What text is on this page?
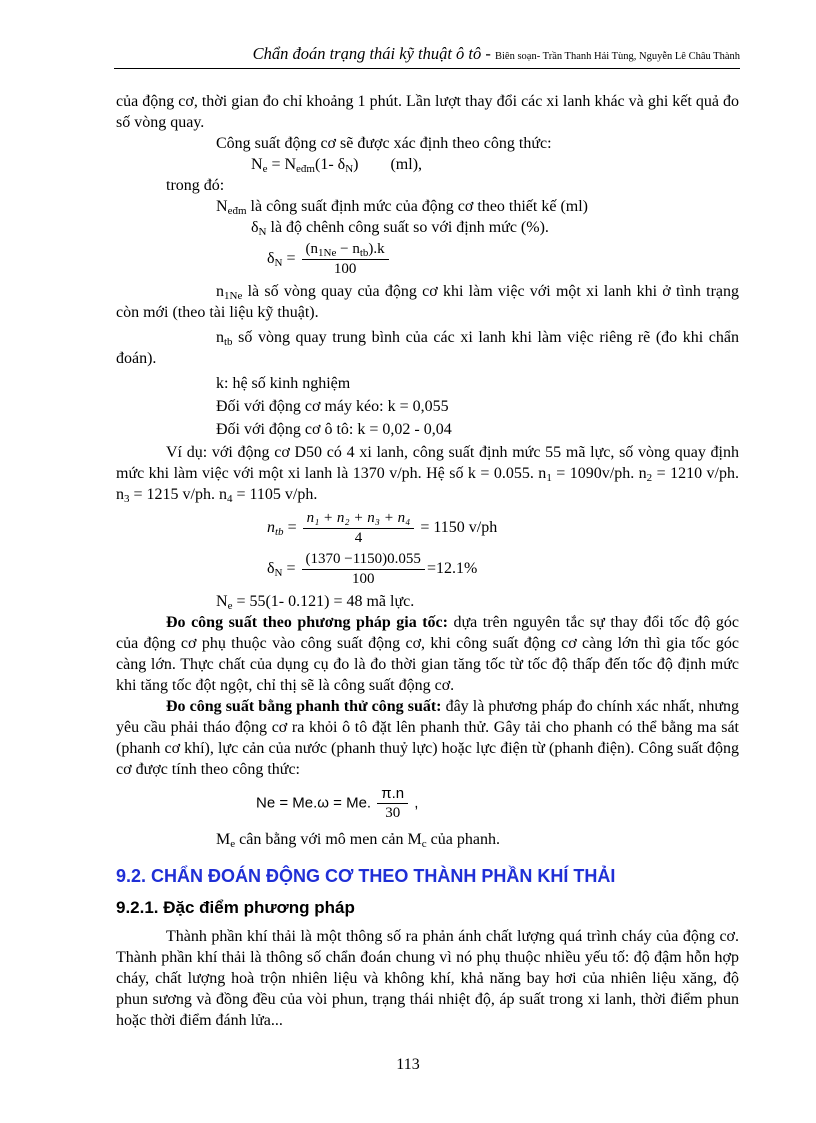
Chẩn đoán trạng thái kỹ thuật ô tô - Biên soạn- Trần Thanh Hải Tùng, Nguyễn Lê Châu Thành

của động cơ, thời gian đo chỉ khoảng 1 phút. Lần lượt thay đổi các xi lanh khác và ghi kết quả đo số vòng quay.

Công suất động cơ sẽ được xác định theo công thức:

$N_e = N_{eđm}(1-$ $\delta_N$)        (ml),

trong đó:

$N_{eđm}$ là công suất định mức của động cơ theo thiết kế (ml)

$\delta_N$ là độ chênh công suất so với định mức (%).

$\delta_N = \frac{(n_{1Ne} - n_{tb}).k}{100}$

$n_{1Ne}$ là số vòng quay của động cơ khi làm việc với một xi lanh khi ở tình trạng còn mới (theo tài liệu kỹ thuật).

$n_{tb}$ số vòng quay trung bình của các xi lanh khi làm việc riêng rẽ (đo khi chẩn đoán).

k: hệ số kinh nghiệm

Đối với động cơ máy kéo: k = 0,055

Đối với động cơ ô tô: k = 0,02 - 0,04

Ví dụ: với động cơ D50 có 4 xi lanh, công suất định mức 55 mã lực, số vòng quay định mức khi làm việc với một xi lanh là 1370 v/ph. Hệ số k = 0.055. $n_1 = 1090v/ph$. $n_2 = 1210$ v/ph. $n_3 = 1215$ v/ph. $n_4 = 1105$ v/ph.

$n_{tb} = \frac{\text{n₁ + n₂ + n₃ + n₄}}{4} = 1150$ v/ph
$\delta_N = \frac{(1370 -1150)0.055}{100} =12.1\%$

$N_e = 55(1-$ 0.121) = 48 mã lực.

Đo công suất theo phương pháp gia tốc: dựa trên nguyên tắc sự thay đổi tốc độ góc của động cơ phụ thuộc vào công suất động cơ, khi công suất động cơ càng lớn thì gia tốc góc càng lớn. Thực chất của dụng cụ đo là đo thời gian tăng tốc từ tốc độ thấp đến tốc độ định mức khi tăng tốc đột ngột, chỉ thị sẽ là công suất động cơ.

Đo công suất bằng phanh thử công suất: đây là phương pháp đo chính xác nhất, nhưng yêu cầu phải tháo động cơ ra khỏi ô tô đặt lên phanh thử. Gây tải cho phanh có thể bằng ma sát (phanh cơ khí), lực cản của nước (phanh thuỷ lực) hoặc lực điện từ (phanh điện). Công suất động cơ được tính theo công thức:

Ne = Me.ω = Me. $\frac{\pi.n}{30}$ ,

$M_e$ cân bằng với mô men cản $M_c$ của phanh.

9.2. CHẨN ĐOÁN ĐỘNG CƠ THEO THÀNH PHẦN KHÍ THẢI
9.2.1. Đặc điểm phương pháp

Thành phần khí thải là một thông số ra phản ánh chất lượng quá trình cháy của động cơ. Thành phần khí thải là thông số chẩn đoán chung vì nó phụ thuộc nhiều yếu tố: độ đậm hỗn hợp cháy, chất lượng hoà trộn nhiên liệu và không khí, khả năng bay hơi của nhiên liệu xăng, độ phun sương và đồng đều của vòi phun, trạng thái nhiệt độ, áp suất trong xi lanh, thời điểm phun hoặc thời điểm đánh lửa...

113
